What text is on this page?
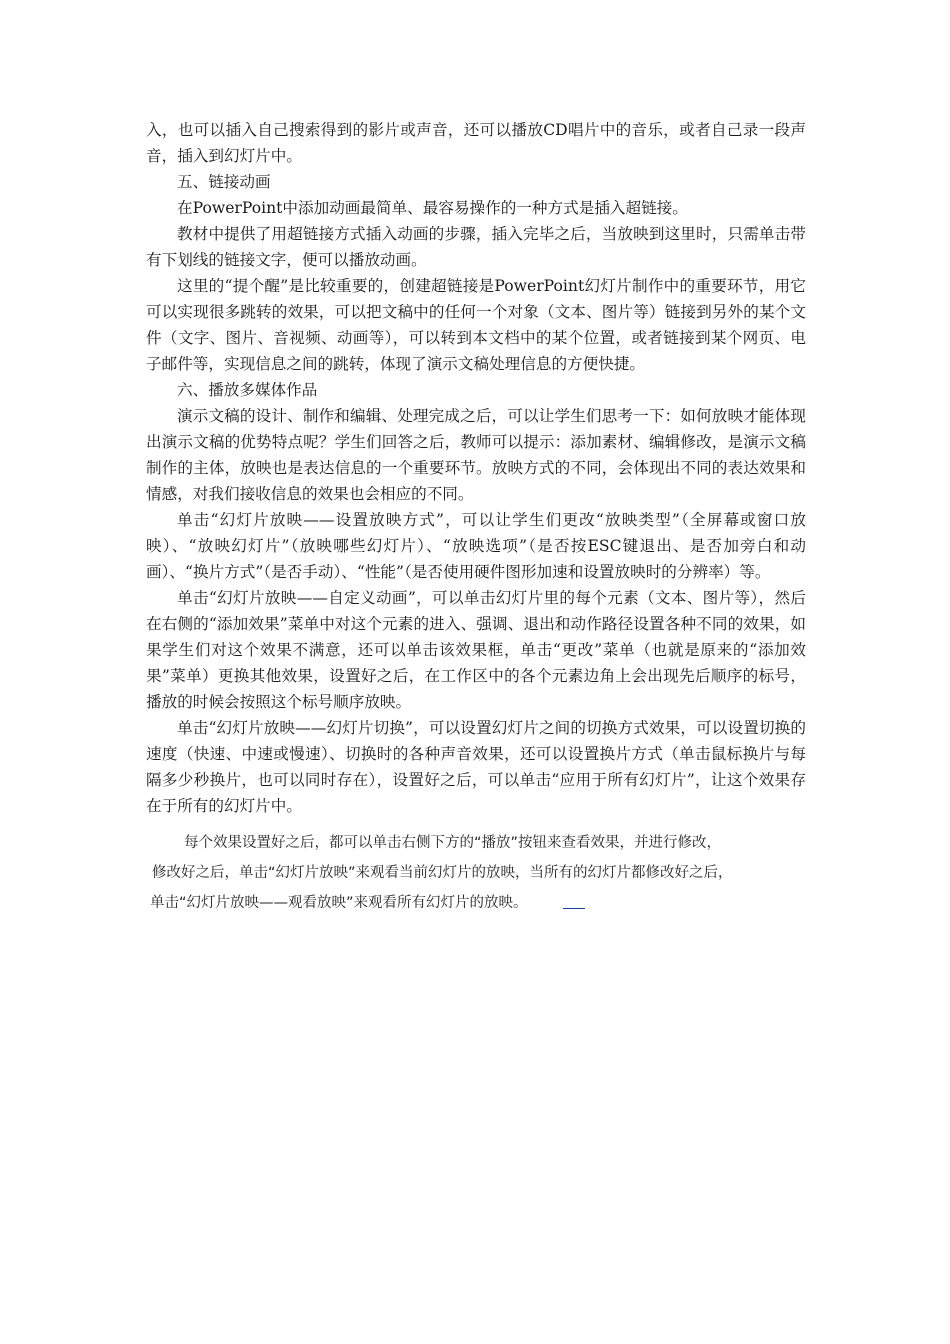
入，也可以插入自己搜索得到的影片或声音，还可以播放CD唱片中的音乐，或者自己录一段声音，插入到幻灯片中。

五、链接动画

在PowerPoint中添加动画最简单、最容易操作的一种方式是插入超链接。

教材中提供了用超链接方式插入动画的步骤，插入完毕之后，当放映到这里时，只需单击带有下划线的链接文字，便可以播放动画。

这里的“提个醒”是比较重要的，创建超链接是PowerPoint幻灯片制作中的重要环节，用它可以实现很多跳转的效果，可以把文稿中的任何一个对象（文本、图片等）链接到另外的某个文件（文字、图片、音视频、动画等），可以转到本文档中的某个位置，或者链接到某个网页、电子邮件等，实现信息之间的跳转，体现了演示文稿处理信息的方便快捷。

六、播放多媒体作品

演示文稿的设计、制作和编辑、处理完成之后，可以让学生们思考一下：如何放映才能体现出演示文稿的优势特点呢？学生们回答之后，教师可以提示：添加素材、编辑修改，是演示文稿制作的主体，放映也是表达信息的一个重要环节。放映方式的不同，会体现出不同的表达效果和情感，对我们接收信息的效果也会相应的不同。

单击“幻灯片放映——设置放映方式”，可以让学生们更改“放映类型”（全屏幕或窗口放映）、“放映幻灯片”（放映哪些幻灯片）、“放映选项”（是否按ESC键退出、是否加旁白和动画）、“换片方式”（是否手动）、“性能”（是否使用硬件图形加速和设置放映时的分辨率）等。

单击“幻灯片放映——自定义动画”，可以单击幻灯片里的每个元素（文本、图片等），然后在右侧的“添加效果”菜单中对这个元素的进入、强调、退出和动作路径设置各种不同的效果，如果学生们对这个效果不满意，还可以单击该效果框，单击“更改”菜单（也就是原来的“添加效果”菜单）更换其他效果，设置好之后，在工作区中的各个元素边角上会出现先后顺序的标号，播放的时候会按照这个标号顺序放映。

单击“幻灯片放映——幻灯片切换”，可以设置幻灯片之间的切换方式效果，可以设置切换的速度（快速、中速或慢速）、切换时的各种声音效果，还可以设置换片方式（单击鼠标换片与每隔多少秒换片，也可以同时存在），设置好之后，可以单击“应用于所有幻灯片”，让这个效果存在于所有的幻灯片中。

每个效果设置好之后，都可以单击右侧下方的“播放”按钮来查看效果，并进行修改，

修改好之后，单击“幻灯片放映”来观看当前幻灯片的放映，当所有的幻灯片都修改好之后，

单击“幻灯片放映——观看放映”来观看所有幻灯片的放映。
